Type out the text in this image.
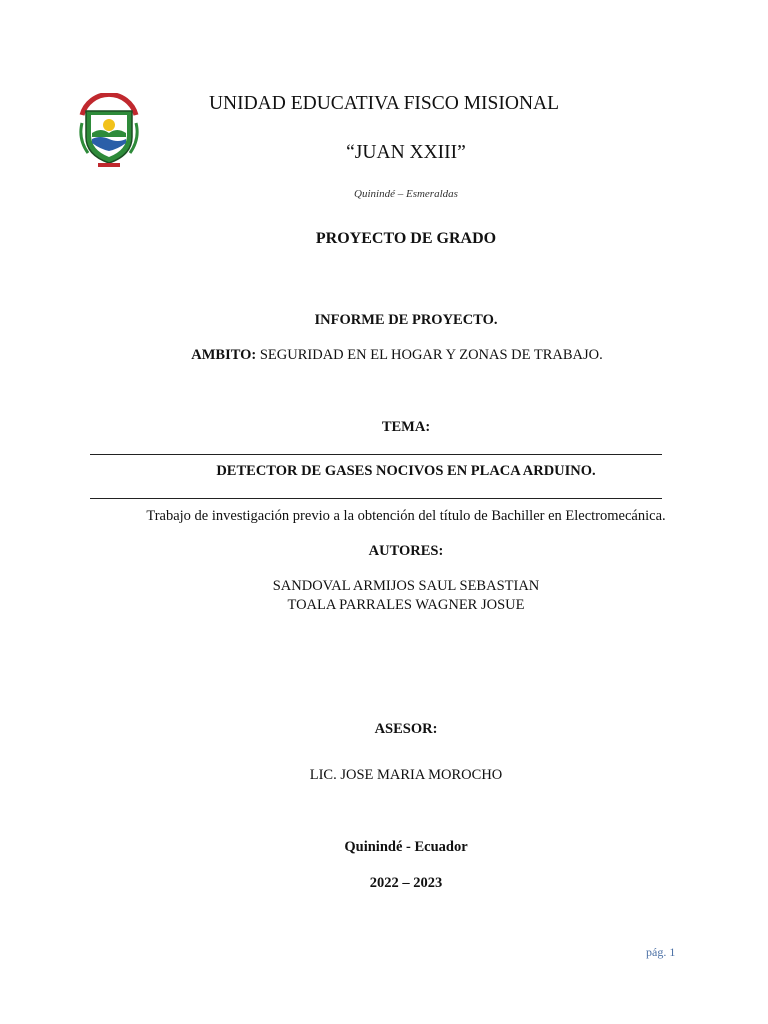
UNIDAD EDUCATIVA FISCO MISIONAL
“JUAN XXIII”
Quinindé – Esmeraldas
PROYECTO DE GRADO
INFORME DE PROYECTO.
AMBITO: SEGURIDAD EN EL HOGAR Y ZONAS DE TRABAJO.
TEMA:
DETECTOR DE GASES NOCIVOS EN PLACA ARDUINO.
Trabajo de investigación previo a la obtención del título de Bachiller en Electromecánica.
AUTORES:
SANDOVAL ARMIJOS SAUL SEBASTIAN
TOALA PARRALES WAGNER JOSUE
ASESOR:
LIC. JOSE MARIA MOROCHO
Quinindé - Ecuador
2022 – 2023
pág. 1
